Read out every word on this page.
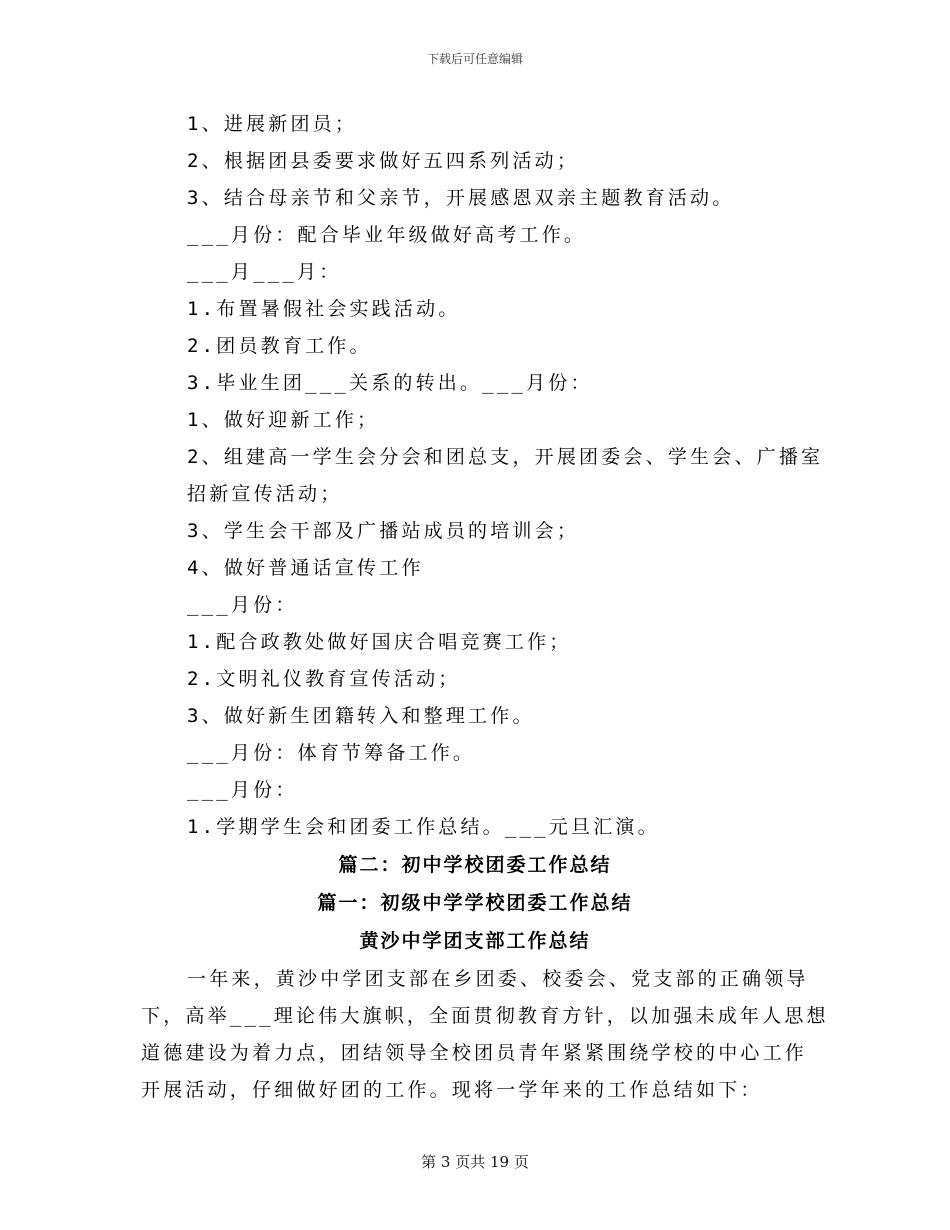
下载后可任意编辑
1、进展新团员；
2、根据团县委要求做好五四系列活动；
3、结合母亲节和父亲节，开展感恩双亲主题教育活动。
___月份：配合毕业年级做好高考工作。
___月___月：
1.布置暑假社会实践活动。
2.团员教育工作。
3.毕业生团___关系的转出。___月份：
1、做好迎新工作；
2、组建高一学生会分会和团总支，开展团委会、学生会、广播室
招新宣传活动；
3、学生会干部及广播站成员的培训会；
4、做好普通话宣传工作
___月份：
1.配合政教处做好国庆合唱竞赛工作；
2.文明礼仪教育宣传活动；
3、做好新生团籍转入和整理工作。
___月份：体育节筹备工作。
___月份：
1.学期学生会和团委工作总结。___元旦汇演。
篇二：初中学校团委工作总结
篇一：初级中学学校团委工作总结
黄沙中学团支部工作总结
一年来，黄沙中学团支部在乡团委、校委会、党支部的正确领导
下，高举___理论伟大旗帜，全面贯彻教育方针，以加强未成年人思想
道德建设为着力点，团结领导全校团员青年紧紧围绕学校的中心工作
开展活动，仔细做好团的工作。现将一学年来的工作总结如下：
第 3 页共 19 页
